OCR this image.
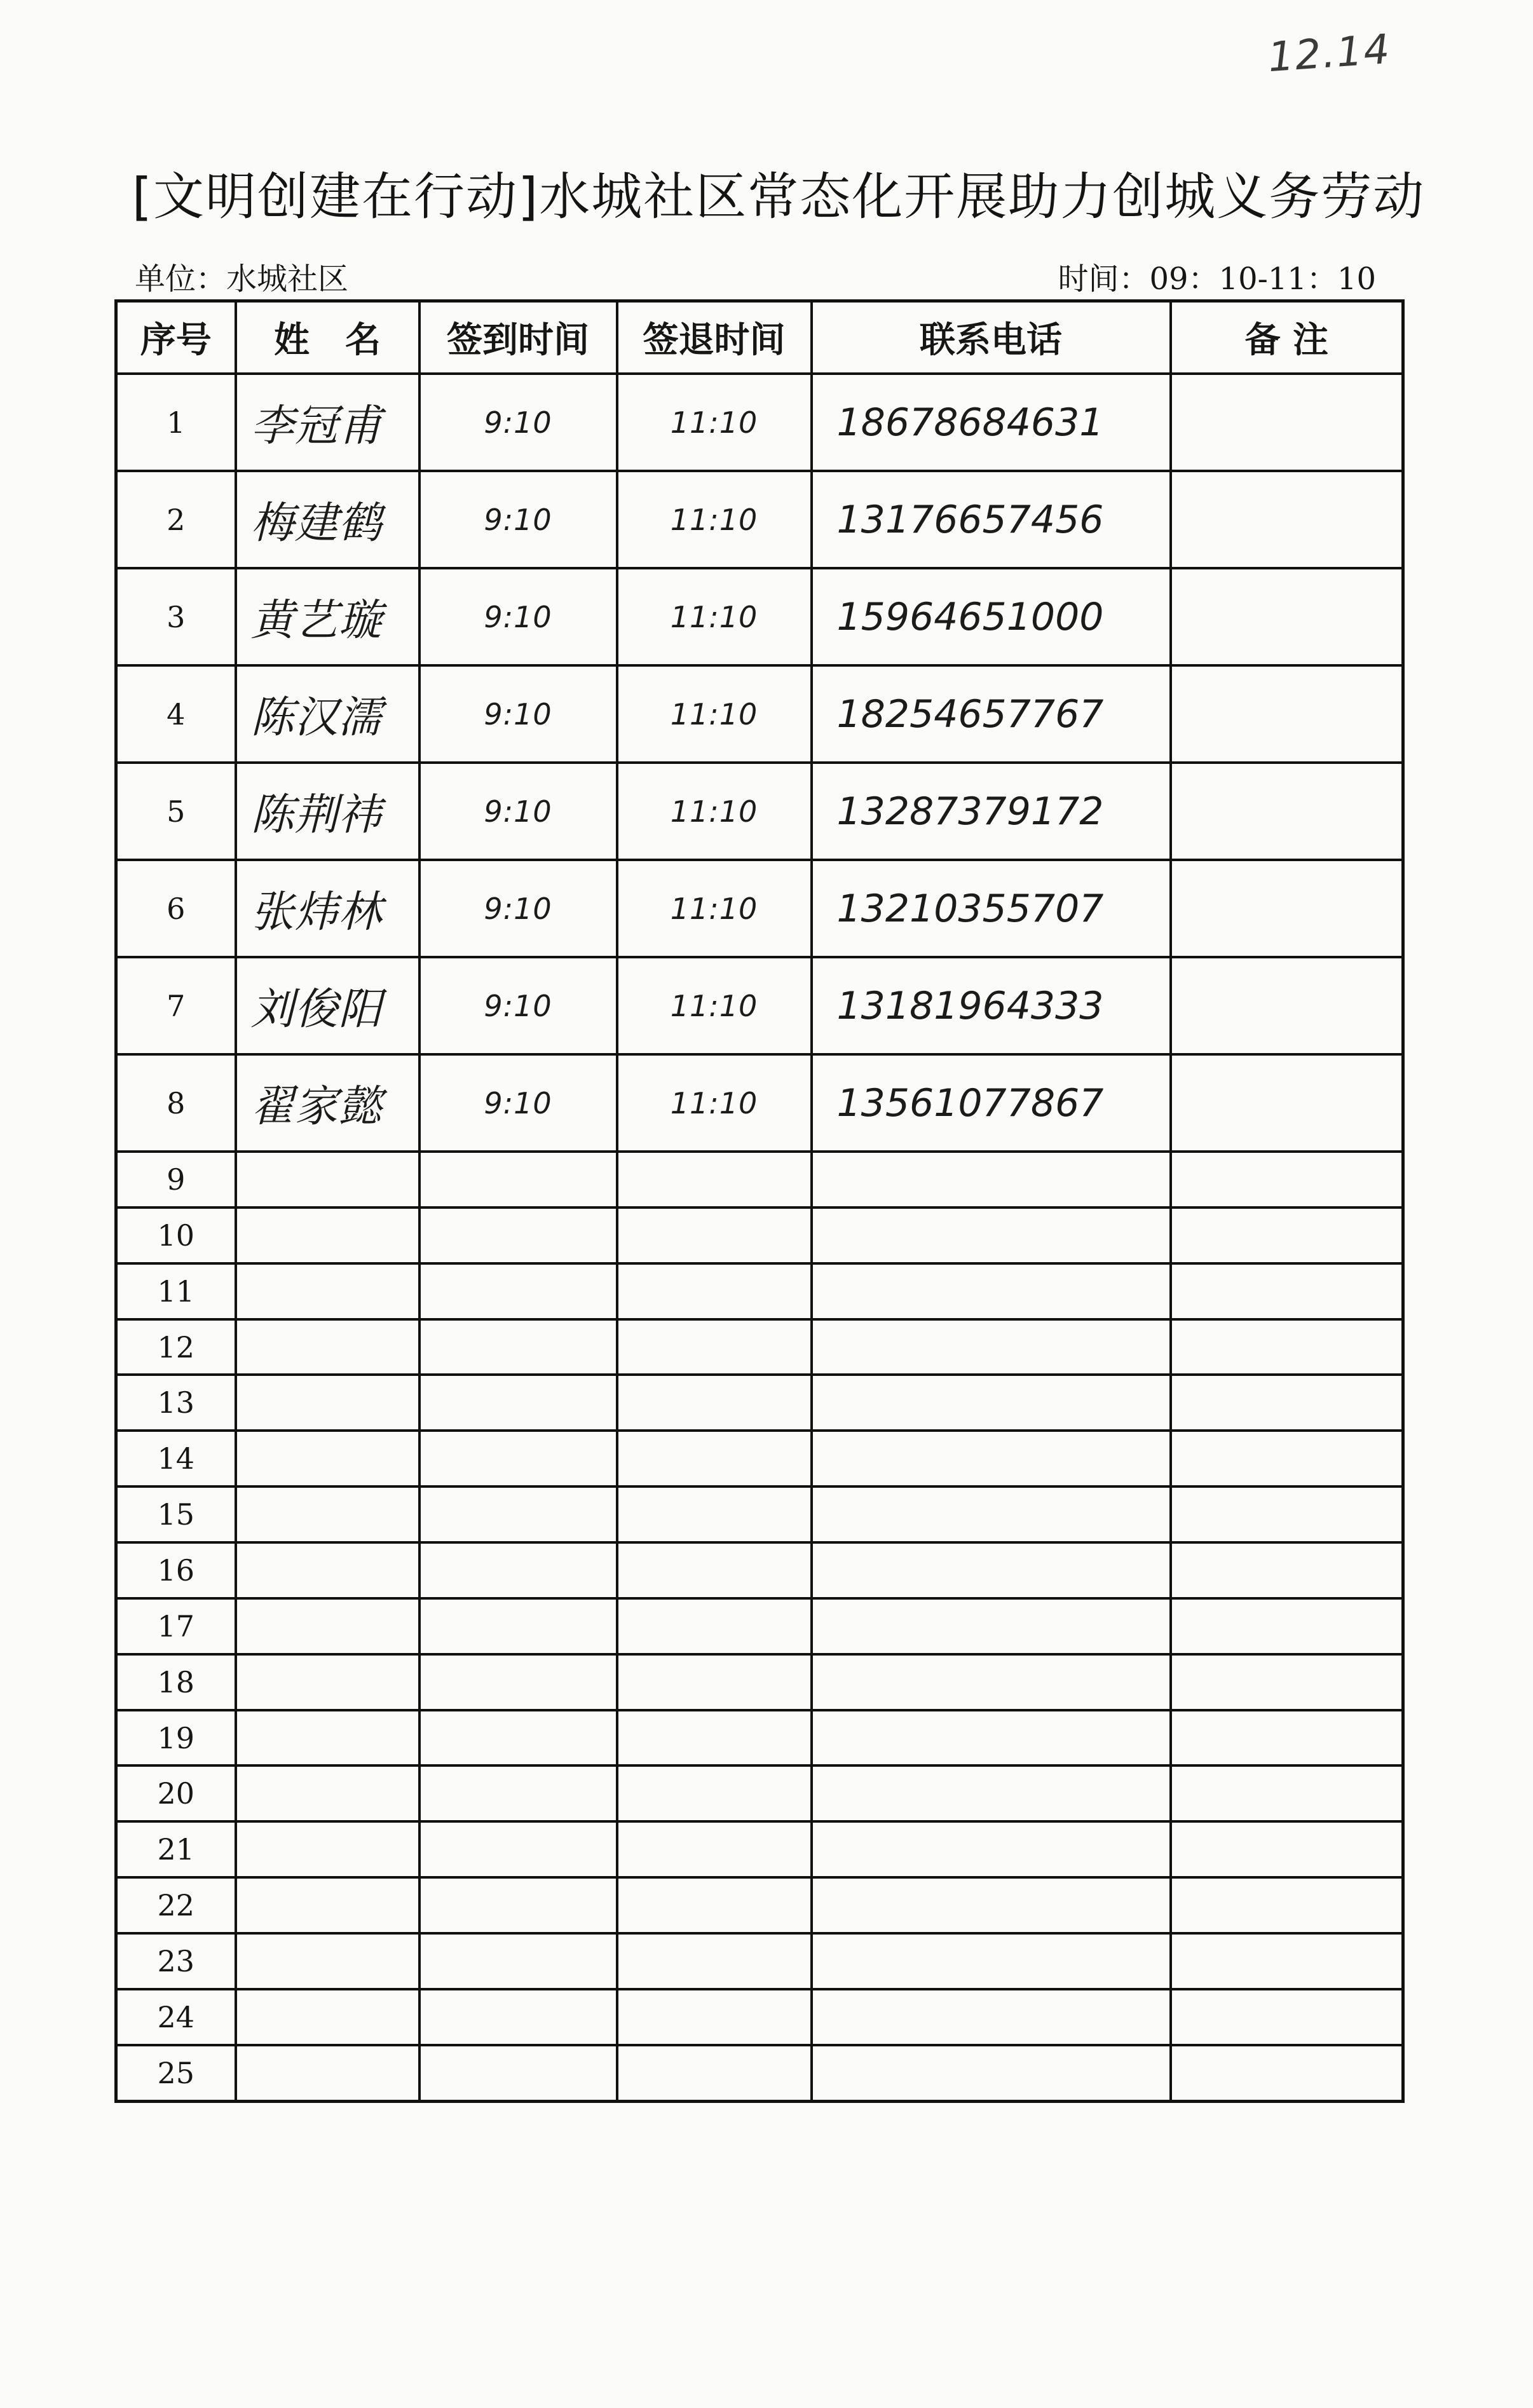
12.14
[文明创建在行动]水城社区常态化开展助力创城义务劳动
单位：水城社区	时间：09：10-11：10
序号	姓　名	签到时间	签退时间	联系电话	备 注
1	李冠甫	9:10	11:10	18678684631	
2	梅建鹤	9:10	11:10	13176657456	
3	黄艺璇	9:10	11:10	15964651000	
4	陈汉濡	9:10	11:10	18254657767	
5	陈荆祎	9:10	11:10	13287379172	
6	张炜林	9:10	11:10	13210355707	
7	刘俊阳	9:10	11:10	13181964333	
8	翟家懿	9:10	11:10	13561077867	
9					
10					
11					
12					
13					
14					
15					
16					
17					
18					
19					
20					
21					
22					
23					
24					
25					
